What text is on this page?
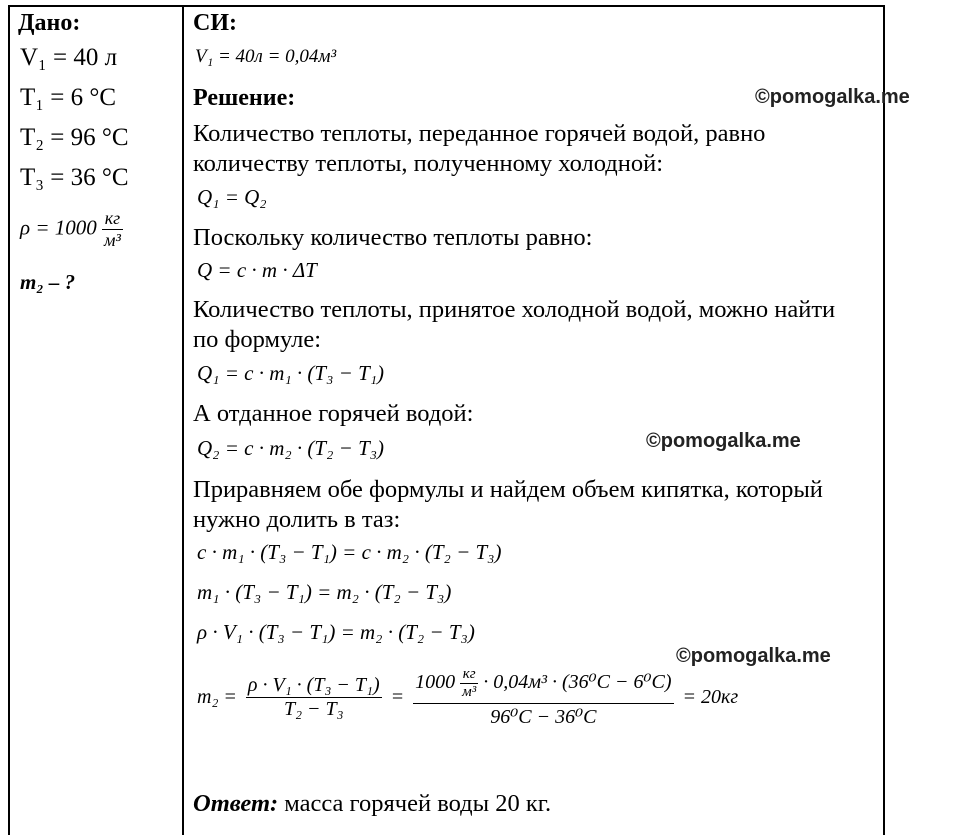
Дано:
V₁ = 40 л
T₁ = 6 °C
T₂ = 96 °C
T₃ = 36 °C
$\rho = 1000 \frac{кг}{\text{м³}}$
m₂ – ?
СИ:
V₁ = 40л = 0,04м³
Решение:
Количество теплоты, переданное горячей водой, равно
количеству теплоты, полученному холодной:
Q₁ = Q₂
Поскольку количество теплоты равно:
Q = c · m · ΔT
Количество теплоты, принятое холодной водой, можно найти
по формуле:
Q₁ = c · m₁ · (T₃ − T₁)
А отданное горячей водой:
Q₂ = c · m₂ · (T₂ − T₃)
Приравняем обе формулы и найдем объем кипятка, который
нужно долить в таз:
c · m₁ · (T₃ − T₁) = c · m₂ · (T₂ − T₃)
m₁ · (T₃ − T₁) = m₂ · (T₂ − T₃)
ρ · V₁ · (T₃ − T₁) = m₂ · (T₂ − T₃)
$m_2 = \frac{\text{ρ · V₁ · (T₃ − T₁)}}{\text{T₂ − T₃}}$ =
$1000 \frac{кг}{\text{м³}} \cdot 0,04м^3 \cdot (36^0C - 6^0C)$
96⁰C − 36⁰C
= 20кг
Ответ: масса горячей воды 20 кг.
©pomogalka.me
©pomogalka.me
©pomogalka.me
